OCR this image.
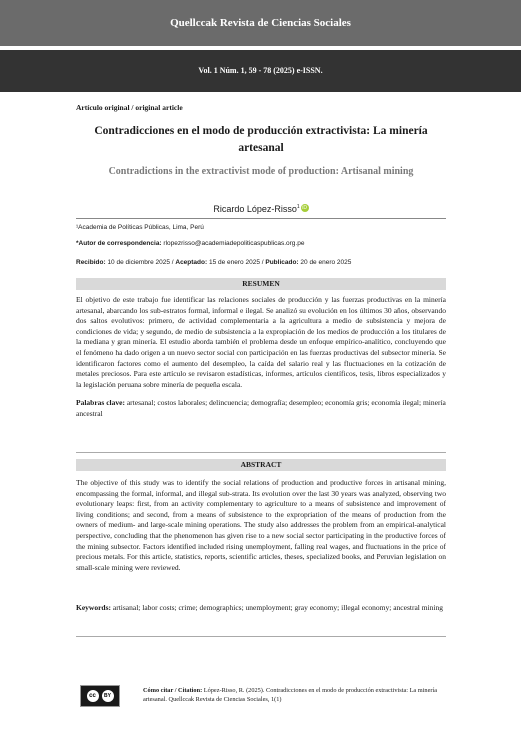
Quellccak Revista de Ciencias Sociales
Vol. 1 Núm. 1, 59 - 78 (2025) e-ISSN.
Artículo original / original article
Contradicciones en el modo de producción extractivista: La minería artesanal
Contradictions in the extractivist mode of production: Artisanal mining
Ricardo López-Risso$^1$ iD
¹Academia de Políticas Públicas, Lima, Perú
*Autor de correspondencia: rlopezrisso@academiadepoliticaspublicas.org.pe
Recibido: 10 de diciembre 2025 / Aceptado: 15 de enero 2025 / Publicado: 20 de enero 2025
RESUMEN

El objetivo de este trabajo fue identificar las relaciones sociales de producción y las fuerzas productivas en la minería artesanal, abarcando los sub-estratos formal, informal e ilegal. Se analizó su evolución en los últimos 30 años, observando dos saltos evolutivos: primero, de actividad complementaria a la agricultura a medio de subsistencia y mejora de condiciones de vida; y segundo, de medio de subsistencia a la expropiación de los medios de producción a los titulares de la mediana y gran minería. El estudio aborda también el problema desde un enfoque empírico-analítico, concluyendo que el fenómeno ha dado origen a un nuevo sector social con participación en las fuerzas productivas del subsector minería. Se identificaron factores como el aumento del desempleo, la caída del salario real y las fluctuaciones en la cotización de metales preciosos. Para este artículo se revisaron estadísticas, informes, artículos científicos, tesis, libros especializados y la legislación peruana sobre minería de pequeña escala.

Palabras clave: artesanal; costos laborales; delincuencia; demografía; desempleo; economía gris; economía ilegal; minería ancestral

ABSTRACT

The objective of this study was to identify the social relations of production and productive forces in artisanal mining, encompassing the formal, informal, and illegal sub-strata. Its evolution over the last 30 years was analyzed, observing two evolutionary leaps: first, from an activity complementary to agriculture to a means of subsistence and improvement of living conditions; and second, from a means of subsistence to the expropriation of the means of production from the owners of medium- and large-scale mining operations. The study also addresses the problem from an empirical-analytical perspective, concluding that the phenomenon has given rise to a new social sector participating in the productive forces of the mining subsector. Factors identified included rising unemployment, falling real wages, and fluctuations in the price of precious metals. For this article, statistics, reports, scientific articles, theses, specialized books, and Peruvian legislation on small-scale mining were reviewed.

Keywords: artisanal; labor costs; crime; demographics; unemployment; gray economy; illegal economy; ancestral mining

cc	BY

Cómo citar / Citation: López-Risso, R. (2025). Contradicciones en el modo de producción extractivista: La minería artesanal. Quellccak Revista de Ciencias Sociales, 1(1)
